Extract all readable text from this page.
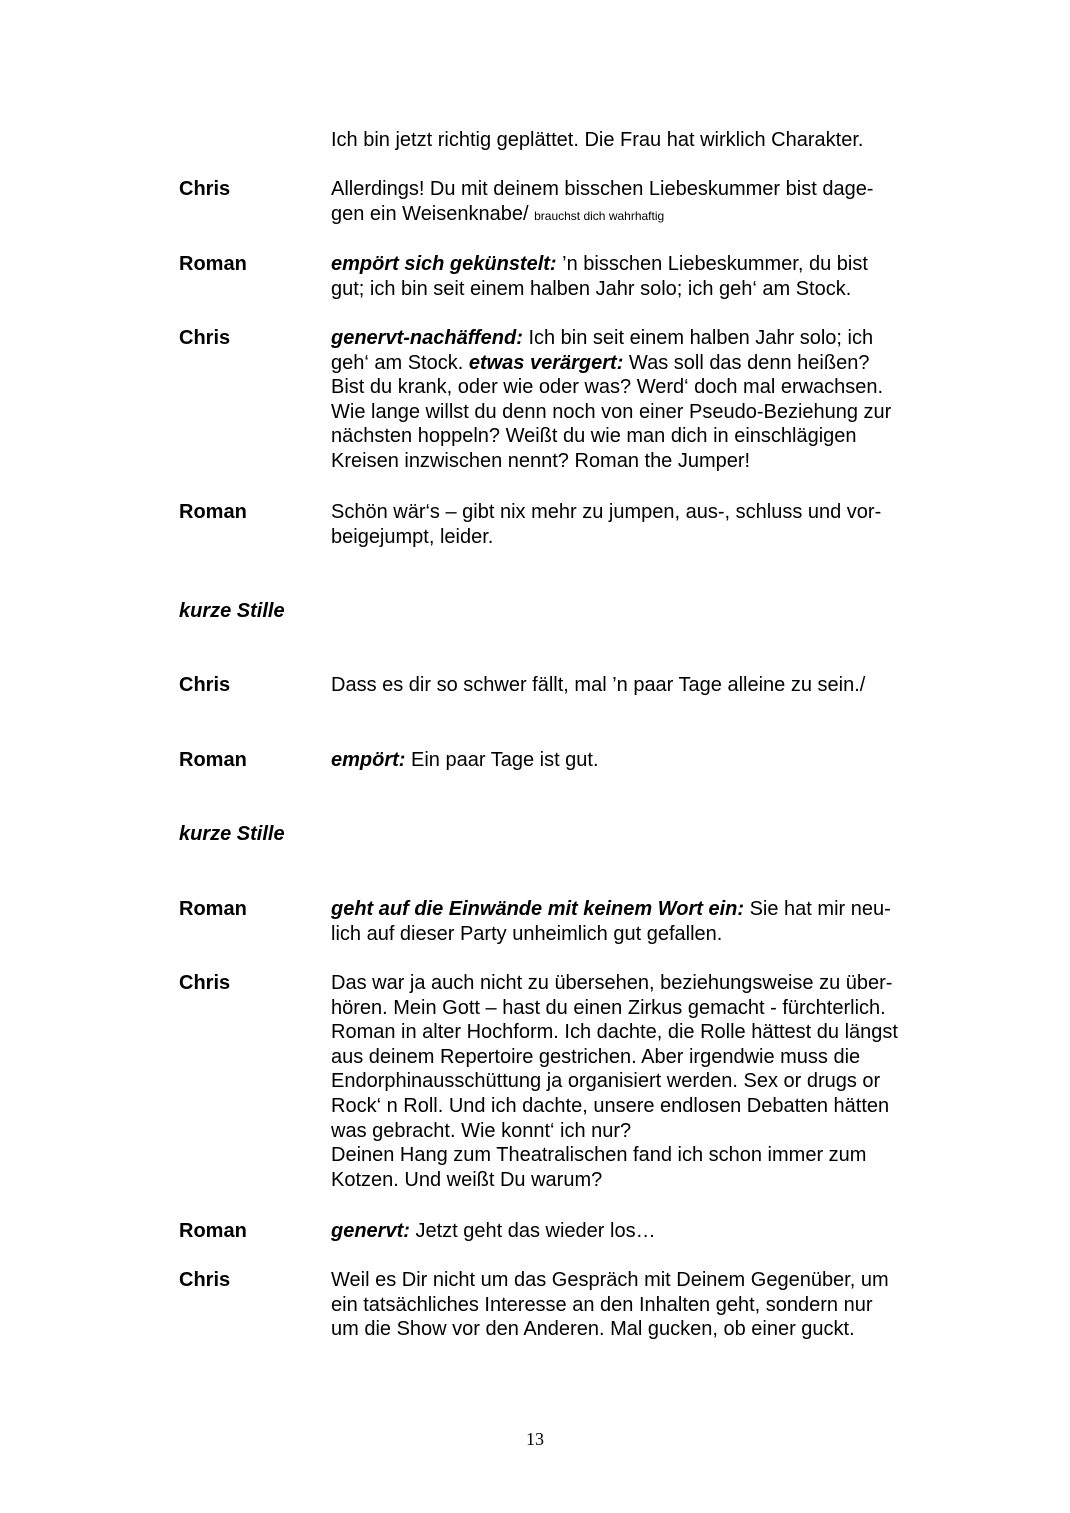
Ich bin jetzt richtig geplättet. Die Frau hat wirklich Charakter.
Chris	Allerdings! Du mit deinem bisschen Liebeskummer bist dage-
gen ein Weisenknabe/ brauchst dich wahrhaftig
Roman	empört sich gekünstelt: ’n bisschen Liebeskummer, du bist
gut; ich bin seit einem halben Jahr solo; ich geh‘ am Stock.
Chris	genervt-nachäffend: Ich bin seit einem halben Jahr solo; ich
geh‘ am Stock. etwas verärgert: Was soll das denn heißen?
Bist du krank, oder wie oder was? Werd‘ doch mal erwachsen.
Wie lange willst du denn noch von einer Pseudo-Beziehung zur
nächsten hoppeln? Weißt du wie man dich in einschlägigen
Kreisen inzwischen nennt? Roman the Jumper!
Roman	Schön wär‘s – gibt nix mehr zu jumpen, aus-, schluss und vor-
beigejumpt, leider.
kurze Stille
Chris	Dass es dir so schwer fällt, mal ’n paar Tage alleine zu sein./
Roman	empört: Ein paar Tage ist gut.
kurze Stille
Roman	geht auf die Einwände mit keinem Wort ein: Sie hat mir neu-
lich auf dieser Party unheimlich gut gefallen.
Chris	Das war ja auch nicht zu übersehen, beziehungsweise zu über-
hören. Mein Gott – hast du einen Zirkus gemacht - fürchterlich.
Roman in alter Hochform. Ich dachte, die Rolle hättest du längst
aus deinem Repertoire gestrichen. Aber irgendwie muss die
Endorphinausschüttung ja organisiert werden. Sex or drugs or
Rock‘ n Roll. Und ich dachte, unsere endlosen Debatten hätten
was gebracht. Wie konnt‘ ich nur?
Deinen Hang zum Theatralischen fand ich schon immer zum
Kotzen. Und weißt Du warum?
Roman	genervt: Jetzt geht das wieder los…
Chris	Weil es Dir nicht um das Gespräch mit Deinem Gegenüber, um
ein tatsächliches Interesse an den Inhalten geht, sondern nur
um die Show vor den Anderen. Mal gucken, ob einer guckt.
13
